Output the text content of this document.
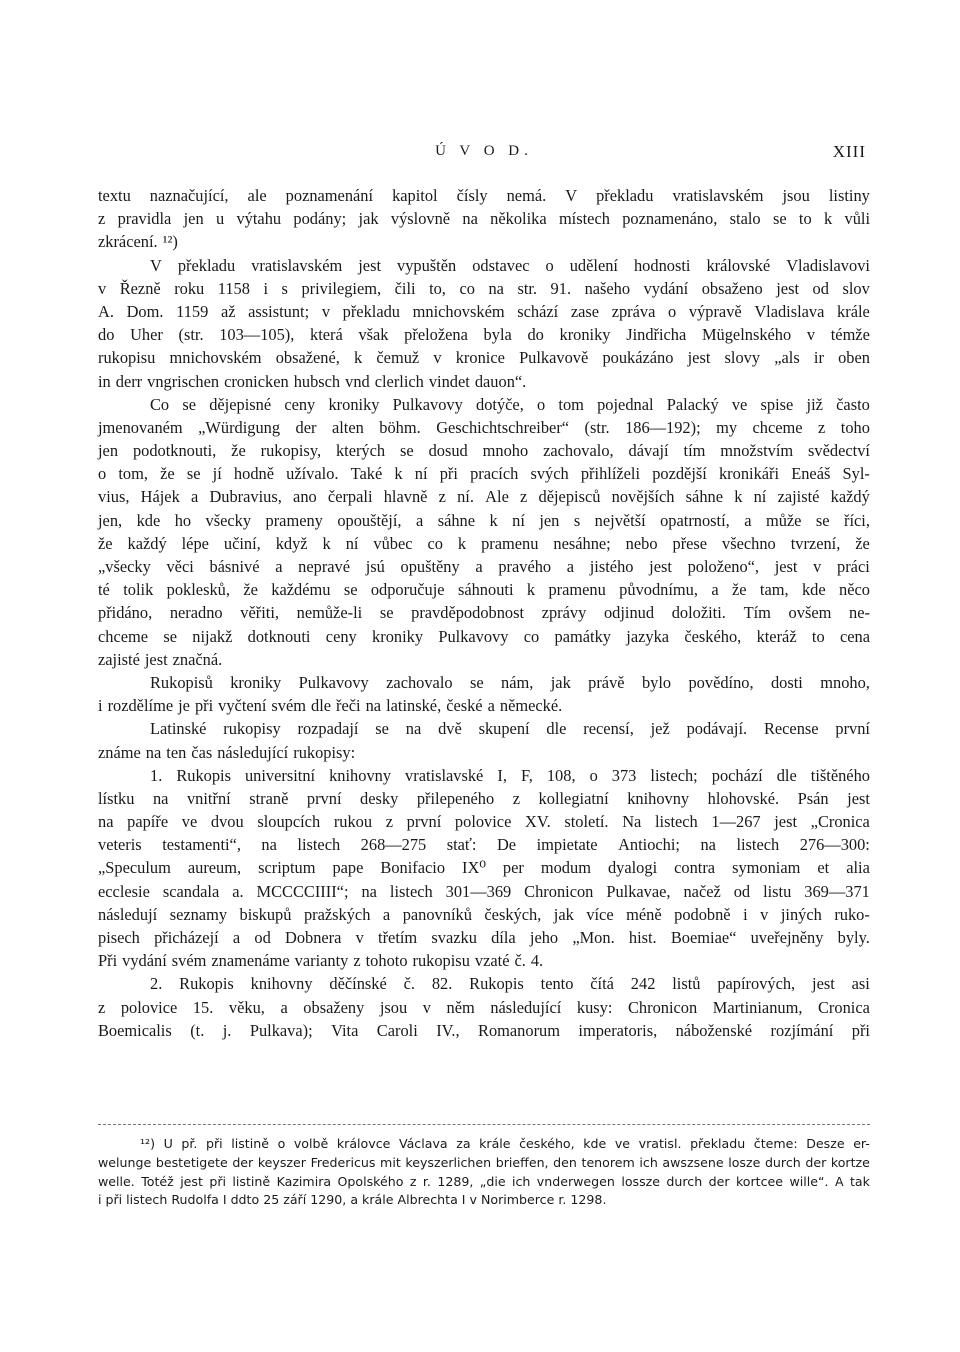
Ú V O D.	XIII
textu naznačující, ale poznamenání kapitol čísly nemá. V překladu vratislavském jsou listiny
z pravidla jen u výtahu podány; jak výslovně na několika místech poznamenáno, stalo se to k vůli
zkrácení. ¹²)
V překladu vratislavském jest vypuštěn odstavec o udělení hodnosti královské Vladislavovi
v Řezně roku 1158 i s privilegiem, čili to, co na str. 91. našeho vydání obsaženo jest od slov
A. Dom. 1159 až assistunt; v překladu mnichovském schází zase zpráva o výpravě Vladislava krále
do Uher (str. 103—105), která však přeložena byla do kroniky Jindřicha Mügelnského v témže
rukopisu mnichovském obsažené, k čemuž v kronice Pulkavově poukázáno jest slovy „als ir oben
in derr vngrischen cronicken hubsch vnd clerlich vindet dauon“.
Co se dějepisné ceny kroniky Pulkavovy dotýče, o tom pojednal Palacký ve spise již často
jmenovaném „Würdigung der alten böhm. Geschichtschreiber“ (str. 186—192); my chceme z toho
jen podotknouti, že rukopisy, kterých se dosud mnoho zachovalo, dávají tím množstvím svědectví
o tom, že se jí hodně užívalo. Také k ní při pracích svých přihlíželi pozdější kronikáři Eneáš Syl-
vius, Hájek a Dubravius, ano čerpali hlavně z ní. Ale z dějepisců novějších sáhne k ní zajisté každý
jen, kde ho všecky prameny opouštějí, a sáhne k ní jen s největší opatrností, a může se říci,
že každý lépe učiní, když k ní vůbec co k pramenu nesáhne; nebo přese všechno tvrzení, že
„všecky věci básnivé a nepravé jsú opuštěny a pravého a jistého jest položeno“, jest v práci
té tolik poklesků, že každému se odporučuje sáhnouti k pramenu původnímu, a že tam, kde něco
přidáno, neradno věřiti, nemůže-li se pravděpodobnost zprávy odjinud doložiti. Tím ovšem ne-
chceme se nijakž dotknouti ceny kroniky Pulkavovy co památky jazyka českého, kteráž to cena
zajisté jest značná.
Rukopisů kroniky Pulkavovy zachovalo se nám, jak právě bylo povědíno, dosti mnoho,
i rozdělíme je při vyčtení svém dle řeči na latinské, české a německé.
Latinské rukopisy rozpadají se na dvě skupení dle recensí, jež podávají. Recense první
známe na ten čas následující rukopisy:
1. Rukopis universitní knihovny vratislavské I, F, 108, o 373 listech; pochází dle tištěného
lístku na vnitřní straně první desky přilepeného z kollegiatní knihovny hlohovské. Psán jest
na papíře ve dvou sloupcích rukou z první polovice XV. století. Na listech 1—267 jest „Cronica
veteris testamenti“, na listech 268—275 stať: De impietate Antiochi; na listech 276—300:
„Speculum aureum, scriptum pape Bonifacio IX⁰ per modum dyalogi contra symoniam et alia
ecclesie scandala a. MCCCCIIII“; na listech 301—369 Chronicon Pulkavae, načež od listu 369—371
následují seznamy biskupů pražských a panovníků českých, jak více méně podobně i v jiných ruko-
pisech přicházejí a od Dobnera v třetím svazku díla jeho „Mon. hist. Boemiae“ uveřejněny byly.
Při vydání svém znamenáme varianty z tohoto rukopisu vzaté č. 4.
2. Rukopis knihovny děčínské č. 82. Rukopis tento čítá 242 listů papírových, jest asi
z polovice 15. věku, a obsaženy jsou v něm následující kusy: Chronicon Martinianum, Cronica
Boemicalis (t. j. Pulkava); Vita Caroli IV., Romanorum imperatoris, náboženské rozjímání při
¹²) U př. při listině o volbě královce Václava za krále českého, kde ve vratisl. překladu čteme: Desze er-
welunge bestetigete der keyszer Fredericus mit keyszerlichen brieffen, den tenorem ich awszsene losze durch der kortze
welle. Totéž jest při listině Kazimira Opolského z r. 1289, „die ich vnderwegen lossze durch der kortcee wille“. A tak
i při listech Rudolfa I ddto 25 září 1290, a krále Albrechta I v Norimberce r. 1298.
